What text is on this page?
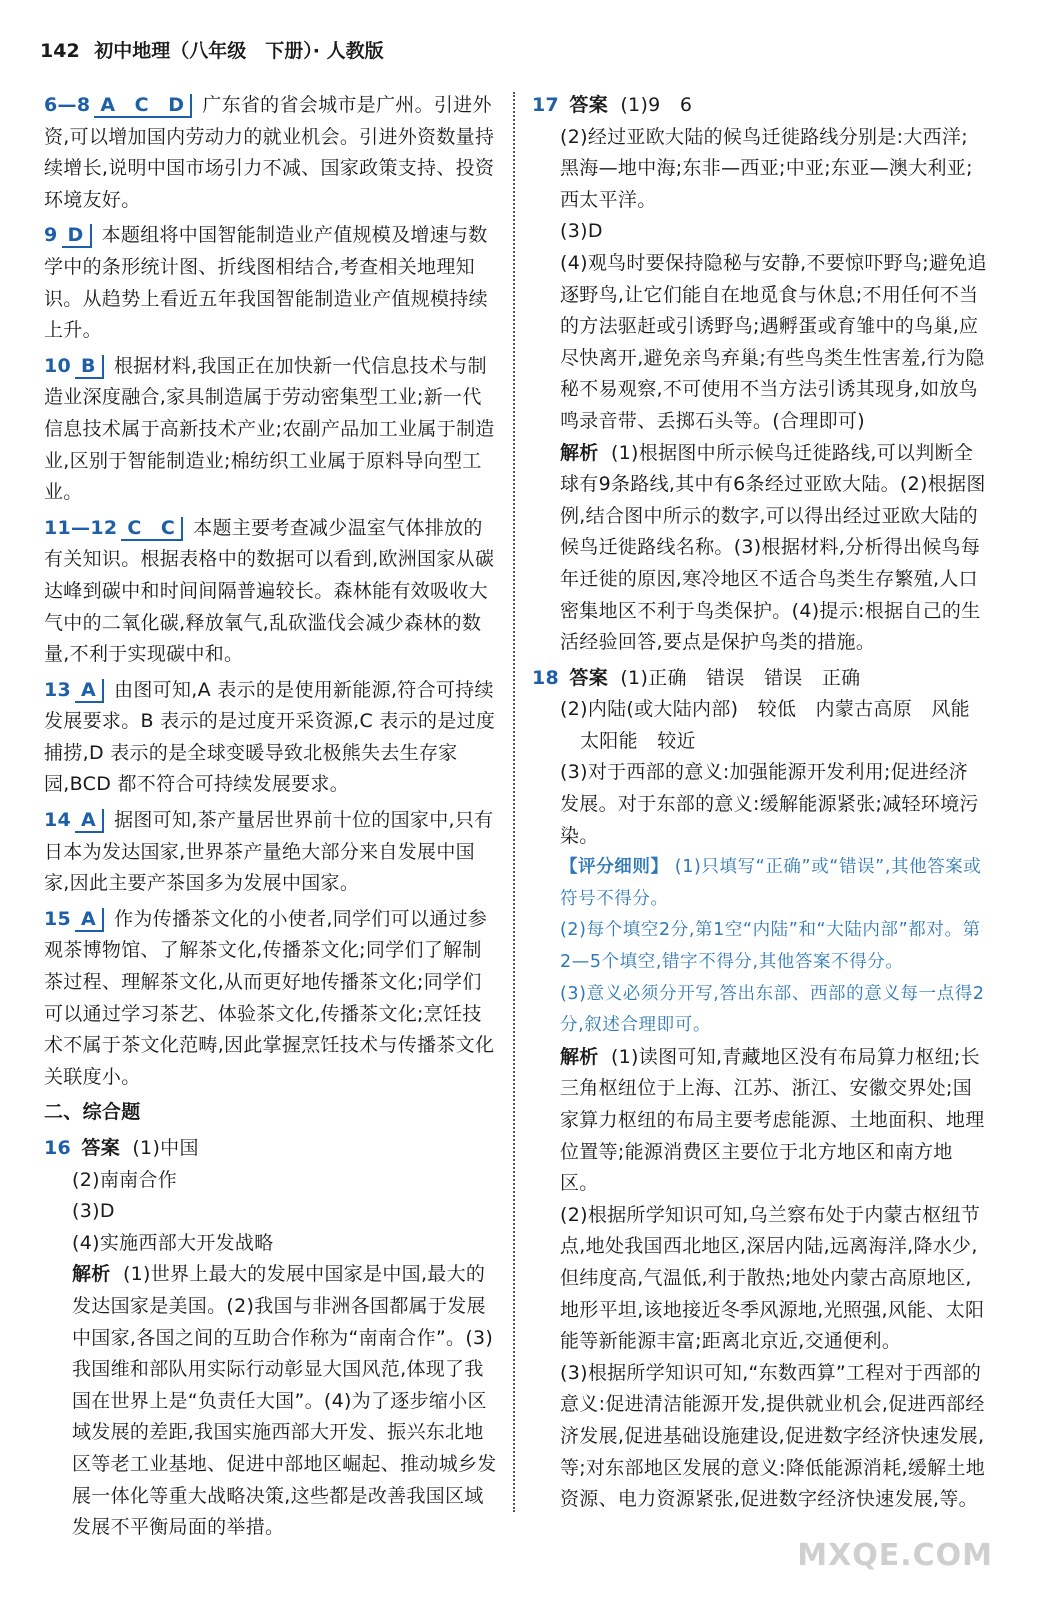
142 初中地理（八年级　下册）· 人教版
6—8 A　C　D 广东省的省会城市是广州。引进外资,可以增加国内劳动力的就业机会。引进外资数量持续增长,说明中国市场引力不减、国家政策支持、投资环境友好。
9 D 本题组将中国智能制造业产值规模及增速与数学中的条形统计图、折线图相结合,考查相关地理知识。从趋势上看近五年我国智能制造业产值规模持续上升。
10 B 根据材料,我国正在加快新一代信息技术与制造业深度融合,家具制造属于劳动密集型工业;新一代信息技术属于高新技术产业;农副产品加工业属于制造业,区别于智能制造业;棉纺织工业属于原料导向型工业。
11—12 C　C 本题主要考查减少温室气体排放的有关知识。根据表格中的数据可以看到,欧洲国家从碳达峰到碳中和时间间隔普遍较长。森林能有效吸收大气中的二氧化碳,释放氧气,乱砍滥伐会减少森林的数量,不利于实现碳中和。
13 A 由图可知,A 表示的是使用新能源,符合可持续发展要求。B 表示的是过度开采资源,C 表示的是过度捕捞,D 表示的是全球变暖导致北极熊失去生存家园,BCD 都不符合可持续发展要求。
14 A 据图可知,茶产量居世界前十位的国家中,只有日本为发达国家,世界茶产量绝大部分来自发展中国家,因此主要产茶国多为发展中国家。
15 A 作为传播茶文化的小使者,同学们可以通过参观茶博物馆、了解茶文化,传播茶文化;同学们了解制茶过程、理解茶文化,从而更好地传播茶文化;同学们可以通过学习茶艺、体验茶文化,传播茶文化;烹饪技术不属于茶文化范畴,因此掌握烹饪技术与传播茶文化关联度小。
二、综合题
16 答案 (1)中国
(2)南南合作
(3)D
(4)实施西部大开发战略
解析 (1)世界上最大的发展中国家是中国,最大的发达国家是美国。(2)我国与非洲各国都属于发展中国家,各国之间的互助合作称为“南南合作”。(3)我国维和部队用实际行动彰显大国风范,体现了我国在世界上是“负责任大国”。(4)为了逐步缩小区域发展的差距,我国实施西部大开发、振兴东北地区等老工业基地、促进中部地区崛起、推动城乡发展一体化等重大战略决策,这些都是改善我国区域发展不平衡局面的举措。
17 答案 (1)9　6
(2)经过亚欧大陆的候鸟迁徙路线分别是:大西洋;黑海—地中海;东非—西亚;中亚;东亚—澳大利亚;西太平洋。
(3)D
(4)观鸟时要保持隐秘与安静,不要惊吓野鸟;避免追逐野鸟,让它们能自在地觅食与休息;不用任何不当的方法驱赶或引诱野鸟;遇孵蛋或育雏中的鸟巢,应尽快离开,避免亲鸟弃巢;有些鸟类生性害羞,行为隐秘不易观察,不可使用不当方法引诱其现身,如放鸟鸣录音带、丢掷石头等。(合理即可)
解析 (1)根据图中所示候鸟迁徙路线,可以判断全球有9条路线,其中有6条经过亚欧大陆。(2)根据图例,结合图中所示的数字,可以得出经过亚欧大陆的候鸟迁徙路线名称。(3)根据材料,分析得出候鸟每年迁徙的原因,寒冷地区不适合鸟类生存繁殖,人口密集地区不利于鸟类保护。(4)提示:根据自己的生活经验回答,要点是保护鸟类的措施。
18 答案 (1)正确　错误　错误　正确
(2)内陆(或大陆内部)　较低　内蒙古高原　风能
太阳能　较近
(3)对于西部的意义:加强能源开发利用;促进经济发展。对于东部的意义:缓解能源紧张;减轻环境污染。
【评分细则】 (1)只填写“正确”或“错误”,其他答案或符号不得分。
(2)每个填空2分,第1空“内陆”和“大陆内部”都对。第2—5个填空,错字不得分,其他答案不得分。
(3)意义必须分开写,答出东部、西部的意义每一点得2分,叙述合理即可。
解析 (1)读图可知,青藏地区没有布局算力枢纽;长三角枢纽位于上海、江苏、浙江、安徽交界处;国家算力枢纽的布局主要考虑能源、土地面积、地理位置等;能源消费区主要位于北方地区和南方地区。
(2)根据所学知识可知,乌兰察布处于内蒙古枢纽节点,地处我国西北地区,深居内陆,远离海洋,降水少,但纬度高,气温低,利于散热;地处内蒙古高原地区,地形平坦,该地接近冬季风源地,光照强,风能、太阳能等新能源丰富;距离北京近,交通便利。
(3)根据所学知识可知,“东数西算”工程对于西部的意义:促进清洁能源开发,提供就业机会,促进西部经济发展,促进基础设施建设,促进数字经济快速发展,等;对东部地区发展的意义:降低能源消耗,缓解土地资源、电力资源紧张,促进数字经济快速发展,等。
MXQE.COM
